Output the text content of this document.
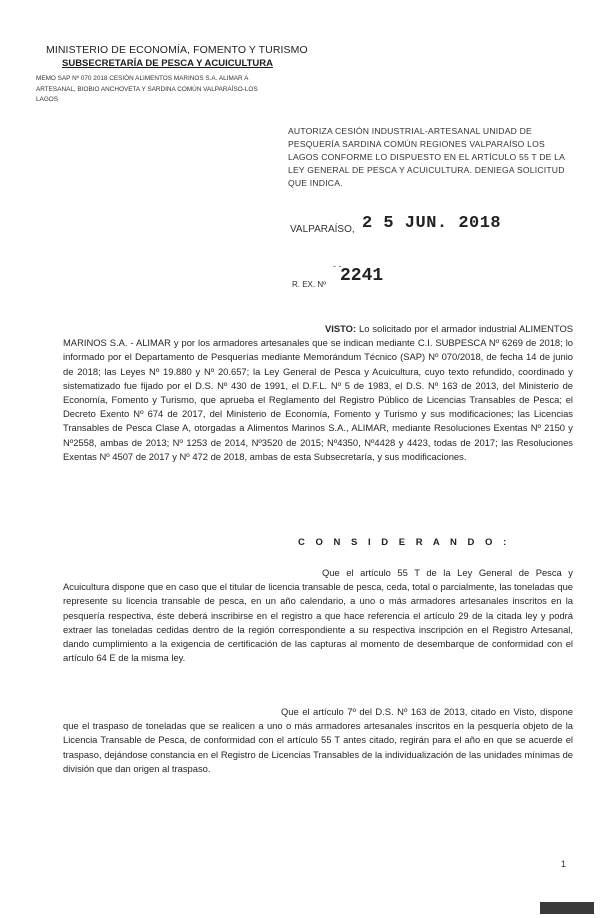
MINISTERIO DE ECONOMÍA, FOMENTO Y TURISMO
SUBSECRETARÍA DE PESCA Y ACUICULTURA
MEMO SAP Nº 070 2018 CESIÓN ALIMENTOS MARINOS S.A. ALIMAR A ARTESANAL, BIOBIO ANCHOVETA Y SARDINA COMÚN VALPARAÍSO-LOS LAGOS
AUTORIZA CESIÓN INDUSTRIAL-ARTESANAL UNIDAD DE PESQUERÍA SARDINA COMÚN REGIONES VALPARAÍSO LOS LAGOS CONFORME LO DISPUESTO EN EL ARTÍCULO 55 T DE LA LEY GENERAL DE PESCA Y ACUICULTURA. DENIEGA SOLICITUD QUE INDICA.
VALPARAÍSO, 2 5 JUN. 2018
- -
R. EX. Nº 2241
VISTO: Lo solicitado por el armador industrial ALIMENTOS MARINOS S.A. - ALIMAR y por los armadores artesanales que se indican mediante C.I. SUBPESCA Nº 6269 de 2018; lo informado por el Departamento de Pesquerías mediante Memorándum Técnico (SAP) Nº 070/2018, de fecha 14 de junio de 2018; las Leyes Nº 19.880 y Nº 20.657; la Ley General de Pesca y Acuicultura, cuyo texto refundido, coordinado y sistematizado fue fijado por el D.S. Nº 430 de 1991, el D.F.L. Nº 5 de 1983, el D.S. Nº 163 de 2013, del Ministerio de Economía, Fomento y Turismo, que aprueba el Reglamento del Registro Público de Licencias Transables de Pesca; el Decreto Exento Nº 674 de 2017, del Ministerio de Economía, Fomento y Turismo y sus modificaciones; las Licencias Transables de Pesca Clase A, otorgadas a Alimentos Marinos S.A., ALIMAR, mediante Resoluciones Exentas Nº 2150 y Nº2558, ambas de 2013; Nº 1253 de 2014, Nº3520 de 2015; Nº4350, Nº4428 y 4423, todas de 2017; las Resoluciones Exentas Nº 4507 de 2017 y Nº 472 de 2018, ambas de esta Subsecretaría, y sus modificaciones.
C O N S I D E R A N D O :
Que el artículo 55 T de la Ley General de Pesca y Acuicultura dispone que en caso que el titular de licencia transable de pesca, ceda, total o parcialmente, las toneladas que represente su licencia transable de pesca, en un año calendario, a uno o más armadores artesanales inscritos en la pesquería respectiva, éste deberá inscribirse en el registro a que hace referencia el artículo 29 de la citada ley y podrá extraer las toneladas cedidas dentro de la región correspondiente a su respectiva inscripción en el Registro Artesanal, dando cumplimiento a la exigencia de certificación de las capturas al momento de desembarque de conformidad con el artículo 64 E de la misma ley.
Que el artículo 7º del D.S. Nº 163 de 2013, citado en Visto, dispone que el traspaso de toneladas que se realicen a uno o más armadores artesanales inscritos en la pesquería objeto de la Licencia Transable de Pesca, de conformidad con el artículo 55 T antes citado, regirán para el año en que se acuerde el traspaso, dejándose constancia en el Registro de Licencias Transables de la individualización de las unidades mínimas de división que dan origen al traspaso.
1
